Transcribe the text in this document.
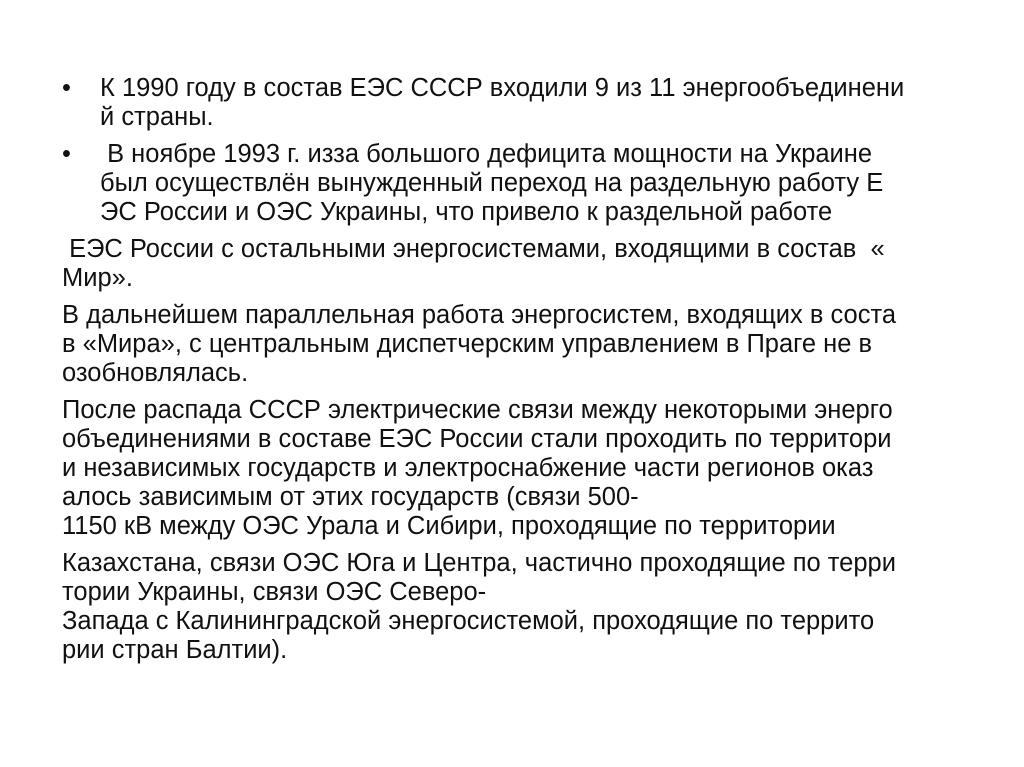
•	К 1990 году в состав ЕЭС СССР входили 9 из 11 энергообъединени
й страны.
•	В ноябре 1993 г. изза большого дефицита мощности на Украине
был осуществлён вынужденный переход на раздельную работу Е
ЭС России и ОЭС Украины, что привело к раздельной работе
ЕЭС России с остальными энергосистемами, входящими в состав  «
Мир».
В дальнейшем параллельная работа энергосистем, входящих в соста
в «Мира», с центральным диспетчерским управлением в Праге не в
озобновлялась.
После распада СССР электрические связи между некоторыми энерго
объединениями в составе ЕЭС России стали проходить по территори
и независимых государств и электроснабжение части регионов оказ
алось зависимым от этих государств (связи 500-
1150 кВ между ОЭС Урала и Сибири, проходящие по территории
Казахстана, связи ОЭС Юга и Центра, частично проходящие по терри
тории Украины, связи ОЭС Северо-
Запада с Калининградской энергосистемой, проходящие по террито
рии стран Балтии).
